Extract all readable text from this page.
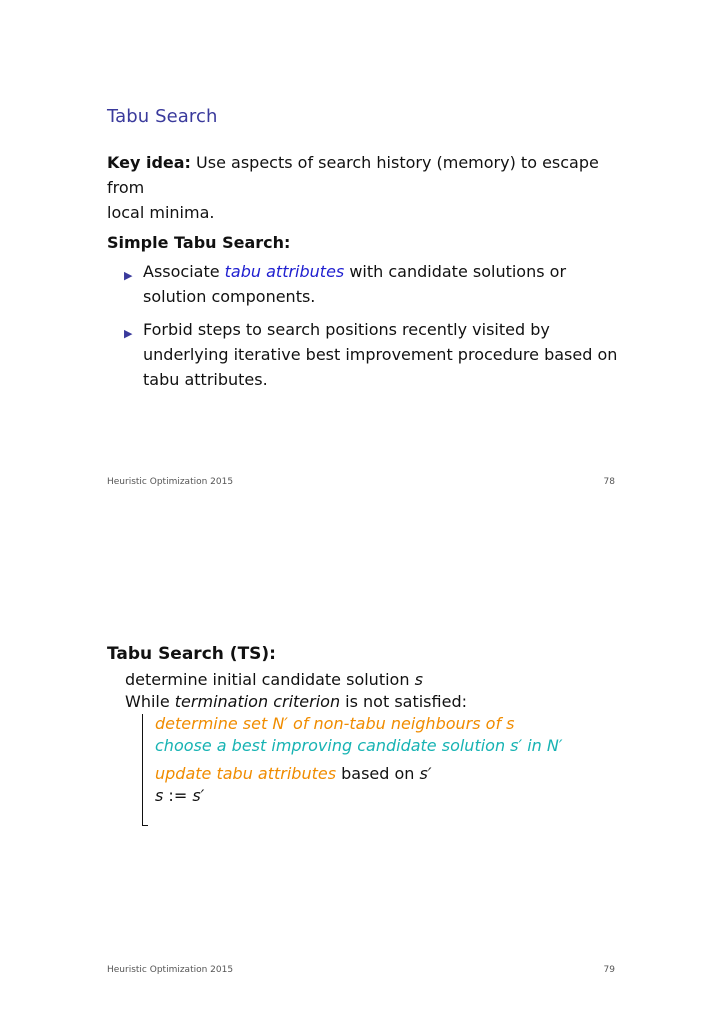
Tabu Search
Key idea: Use aspects of search history (memory) to escape from
local minima.
Simple Tabu Search:
▶ Associate tabu attributes with candidate solutions or
solution components.
▶ Forbid steps to search positions recently visited by
underlying iterative best improvement procedure based on
tabu attributes.
Heuristic Optimization 2015	78
Tabu Search (TS):
determine initial candidate solution s
While termination criterion is not satisfied:
determine set N′ of non-tabu neighbours of s
choose a best improving candidate solution s′ in N′
update tabu attributes based on s′
s := s′
Heuristic Optimization 2015	79
